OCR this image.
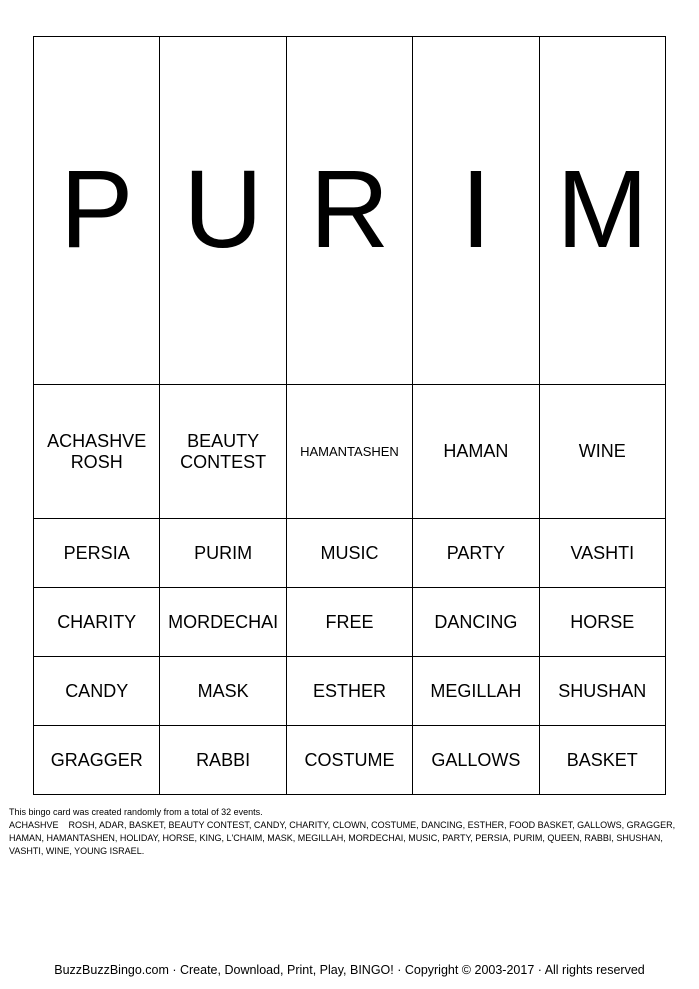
P	U	R	I	M
ACHASHVE ROSH	BEAUTY CONTEST	HAMANTASHEN	HAMAN	WINE
PERSIA	PURIM	MUSIC	PARTY	VASHTI
CHARITY	MORDECHAI	FREE	DANCING	HORSE
CANDY	MASK	ESTHER	MEGILLAH	SHUSHAN
GRAGGER	RABBI	COSTUME	GALLOWS	BASKET

This bingo card was created randomly from a total of 32 events.

ACHASHVE    ROSH, ADAR, BASKET, BEAUTY CONTEST, CANDY, CHARITY, CLOWN, COSTUME, DANCING, ESTHER, FOOD BASKET, GALLOWS, GRAGGER, HAMAN, HAMANTASHEN, HOLIDAY, HORSE, KING, L'CHAIM, MASK, MEGILLAH, MORDECHAI, MUSIC, PARTY, PERSIA, PURIM, QUEEN, RABBI, SHUSHAN, VASHTI, WINE, YOUNG ISRAEL.

BuzzBuzzBingo.com · Create, Download, Print, Play, BINGO! · Copyright © 2003-2017 · All rights reserved
